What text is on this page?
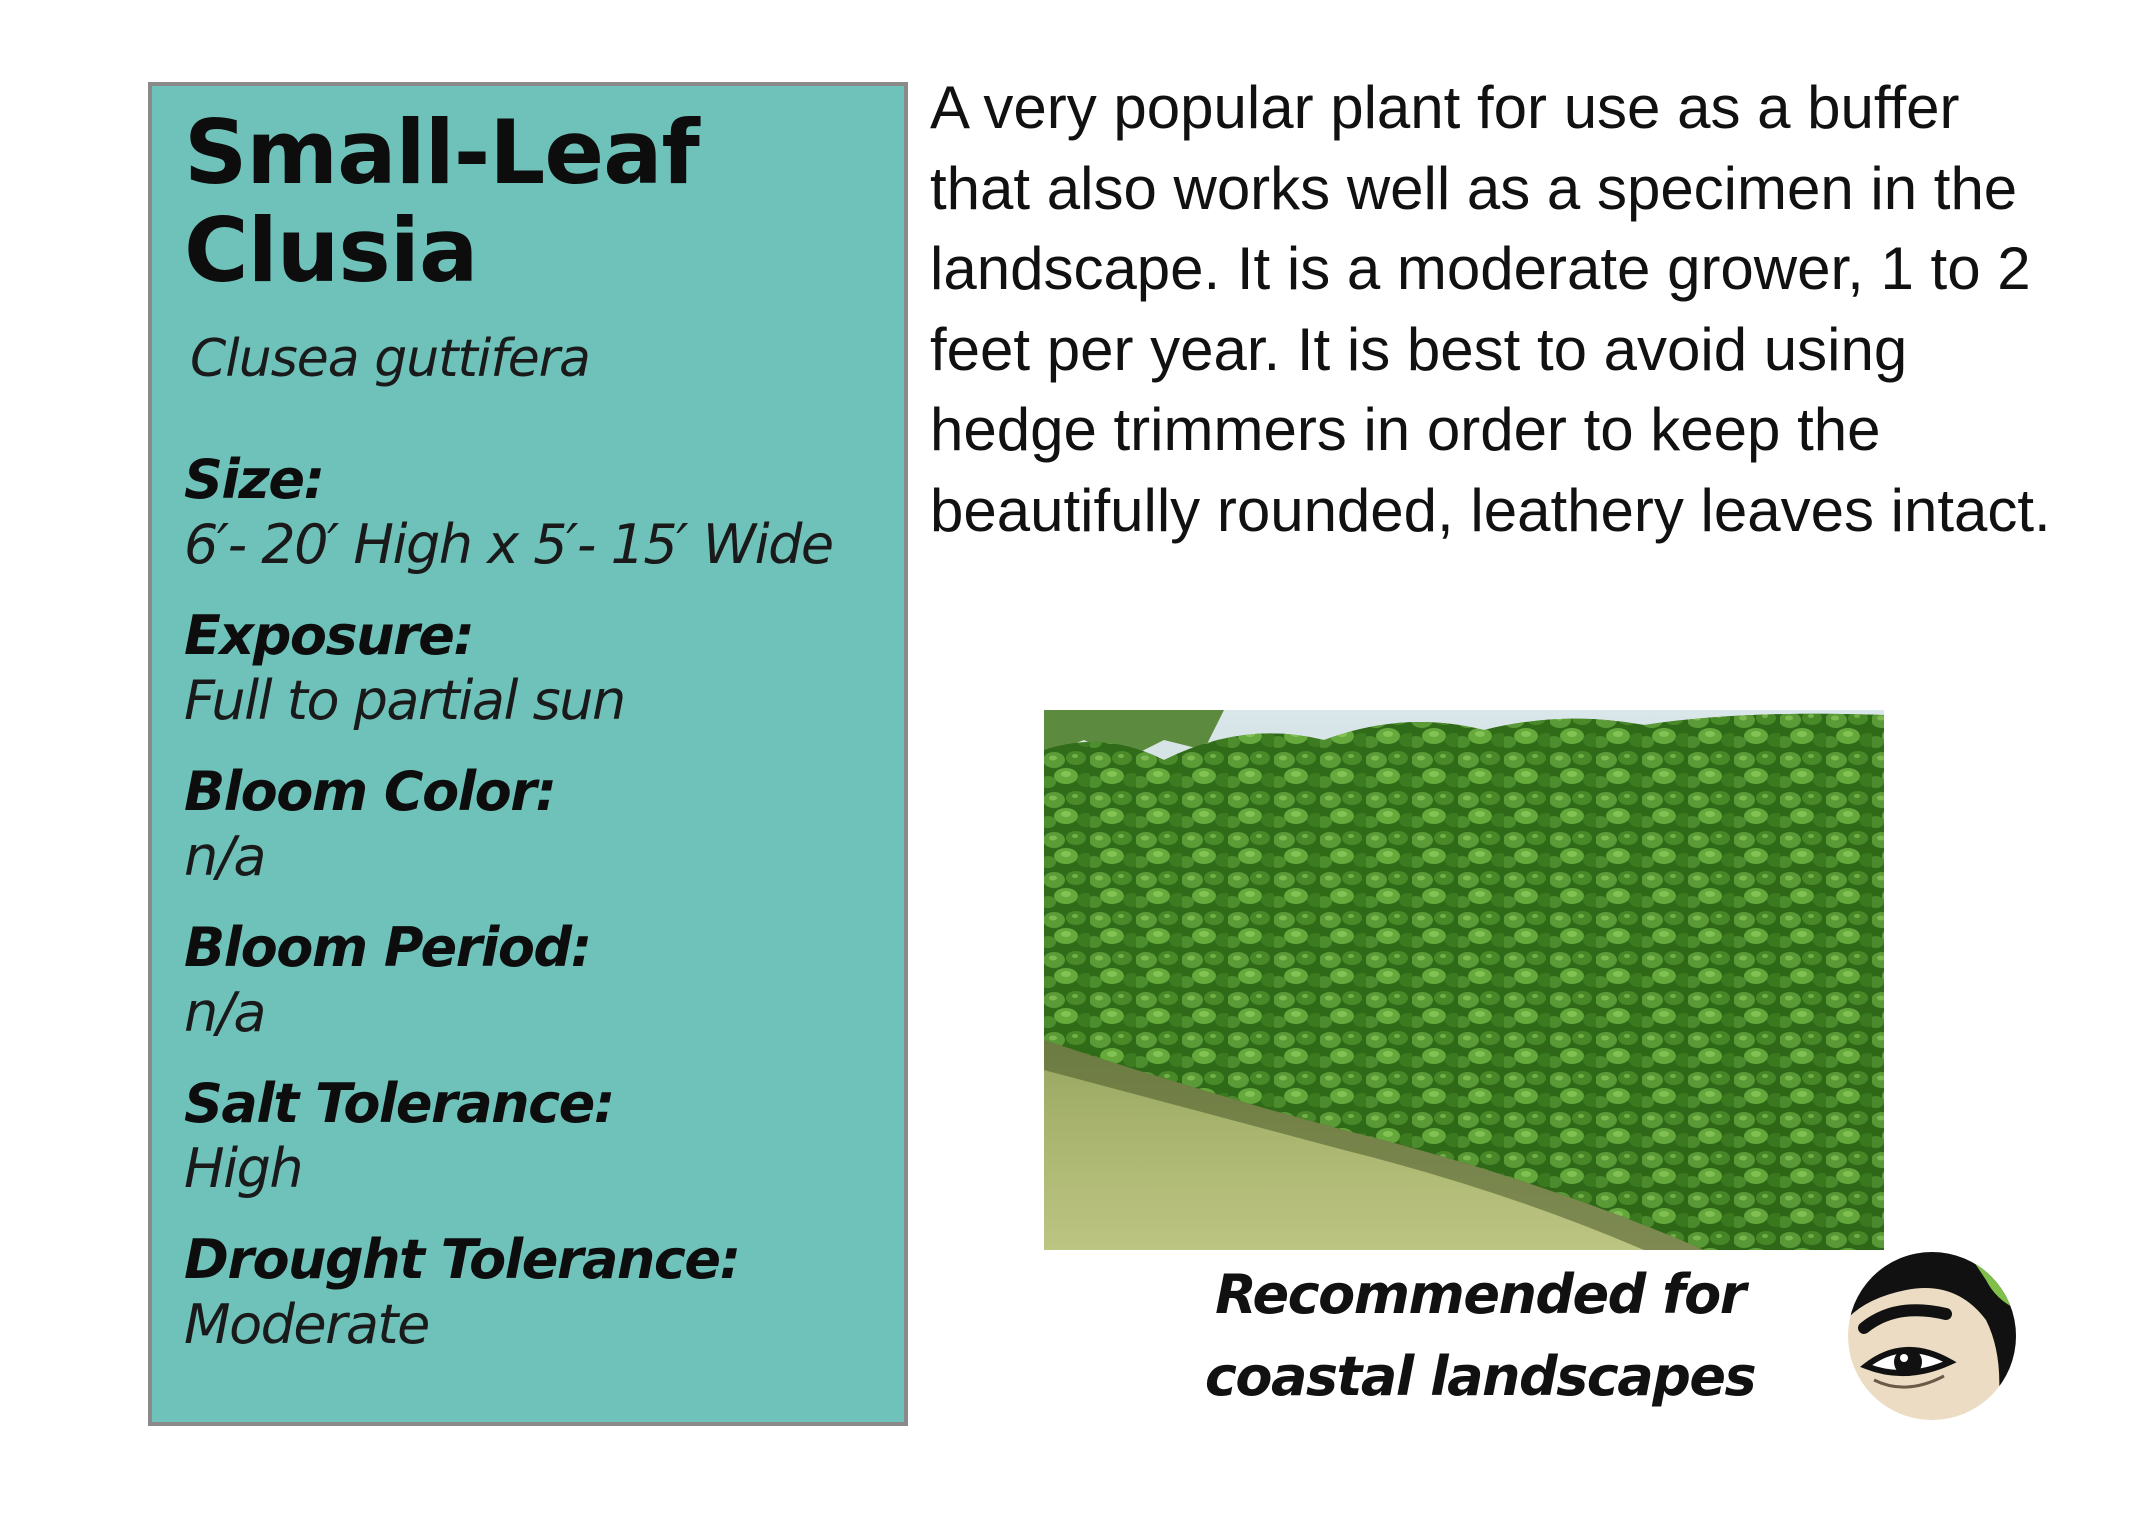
Small-Leaf
Clusia
Clusea guttifera
Size:
6′- 20′ High x 5′- 15′ Wide
Exposure:
Full to partial sun
Bloom Color:
n/a
Bloom Period:
n/a
Salt Tolerance:
High
Drought Tolerance:
Moderate

A very popular plant for use as a buffer that also works well as a specimen in the landscape. It is a moderate grower, 1 to 2 feet per year. It is best to avoid using hedge trimmers in order to keep the beautifully rounded, leathery leaves intact.

Recommended for
coastal landscapes
